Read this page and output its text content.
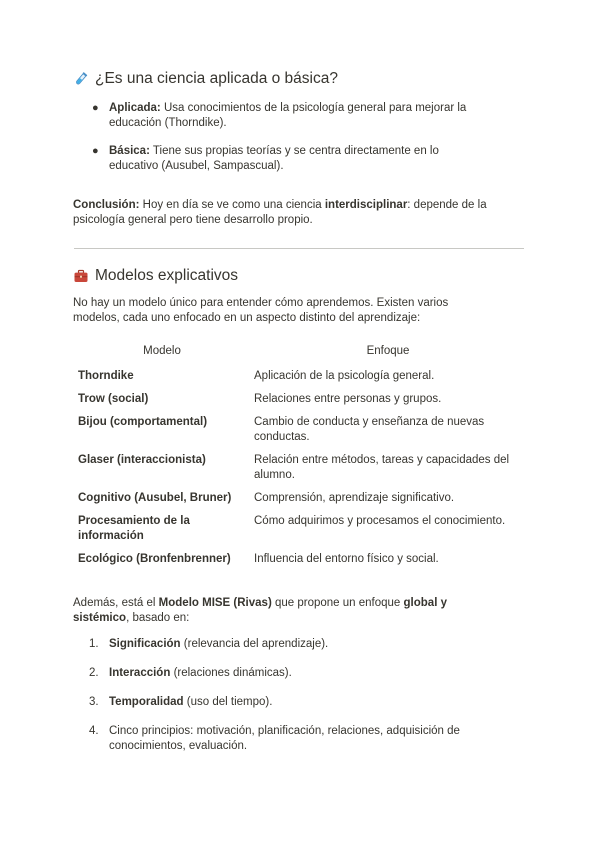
¿Es una ciencia aplicada o básica?
● Aplicada: Usa conocimientos de la psicología general para mejorar la
educación (Thorndike).
● Básica: Tiene sus propias teorías y se centra directamente en lo
educativo (Ausubel, Sampascual).

Conclusión: Hoy en día se ve como una ciencia interdisciplinar: depende de la
psicología general pero tiene desarrollo propio.

Modelos explicativos

No hay un modelo único para entender cómo aprendemos. Existen varios
modelos, cada uno enfocado en un aspecto distinto del aprendizaje:

Modelo	Enfoque
Thorndike	Aplicación de la psicología general.
Trow (social)	Relaciones entre personas y grupos.
Bijou (comportamental)	Cambio de conducta y enseñanza de nuevas conductas.
Glaser (interaccionista)	Relación entre métodos, tareas y capacidades del alumno.
Cognitivo (Ausubel, Bruner)	Comprensión, aprendizaje significativo.
Procesamiento de la información	Cómo adquirimos y procesamos el conocimiento.
Ecológico (Bronfenbrenner)	Influencia del entorno físico y social.

Además, está el Modelo MISE (Rivas) que propone un enfoque global y
sistémico, basado en:

1. Significación (relevancia del aprendizaje).
2. Interacción (relaciones dinámicas).
3. Temporalidad (uso del tiempo).
4. Cinco principios: motivación, planificación, relaciones, adquisición de
conocimientos, evaluación.
